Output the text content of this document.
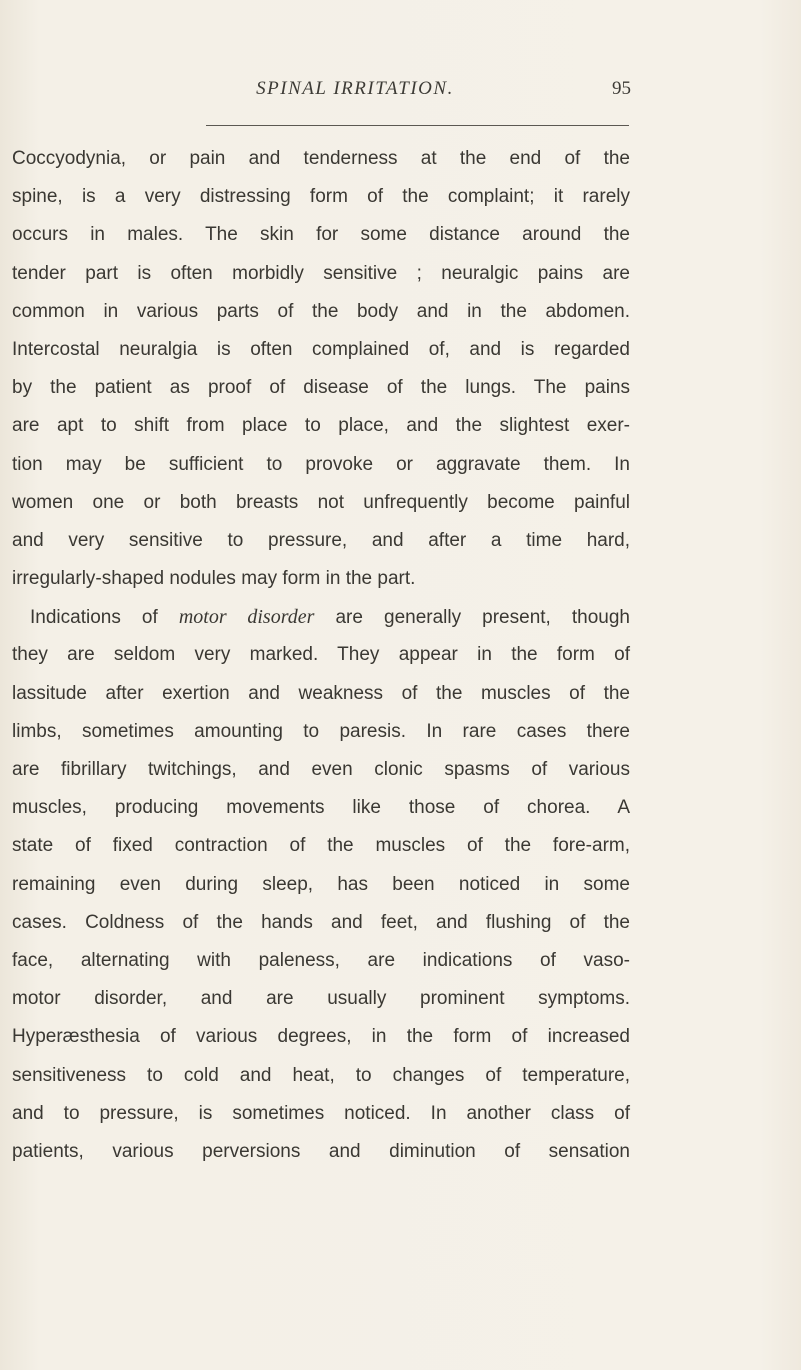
SPINAL IRRITATION.	95
Coccyodynia, or pain and tenderness at the end of the
spine, is a very distressing form of the complaint; it rarely
occurs in males. The skin for some distance around the
tender part is often morbidly sensitive ; neuralgic pains are
common in various parts of the body and in the abdomen.
Intercostal neuralgia is often complained of, and is regarded
by the patient as proof of disease of the lungs. The pains
are apt to shift from place to place, and the slightest exer-
tion may be sufficient to provoke or aggravate them. In
women one or both breasts not unfrequently become painful
and very sensitive to pressure, and after a time hard,
irregularly-shaped nodules may form in the part.
Indications of motor disorder are generally present, though
they are seldom very marked. They appear in the form of
lassitude after exertion and weakness of the muscles of the
limbs, sometimes amounting to paresis. In rare cases there
are fibrillary twitchings, and even clonic spasms of various
muscles, producing movements like those of chorea. A
state of fixed contraction of the muscles of the fore-arm,
remaining even during sleep, has been noticed in some
cases. Coldness of the hands and feet, and flushing of the
face, alternating with paleness, are indications of vaso-
motor disorder, and are usually prominent symptoms.
Hyperæsthesia of various degrees, in the form of increased
sensitiveness to cold and heat, to changes of temperature,
and to pressure, is sometimes noticed. In another class of
patients, various perversions and diminution of sensation
